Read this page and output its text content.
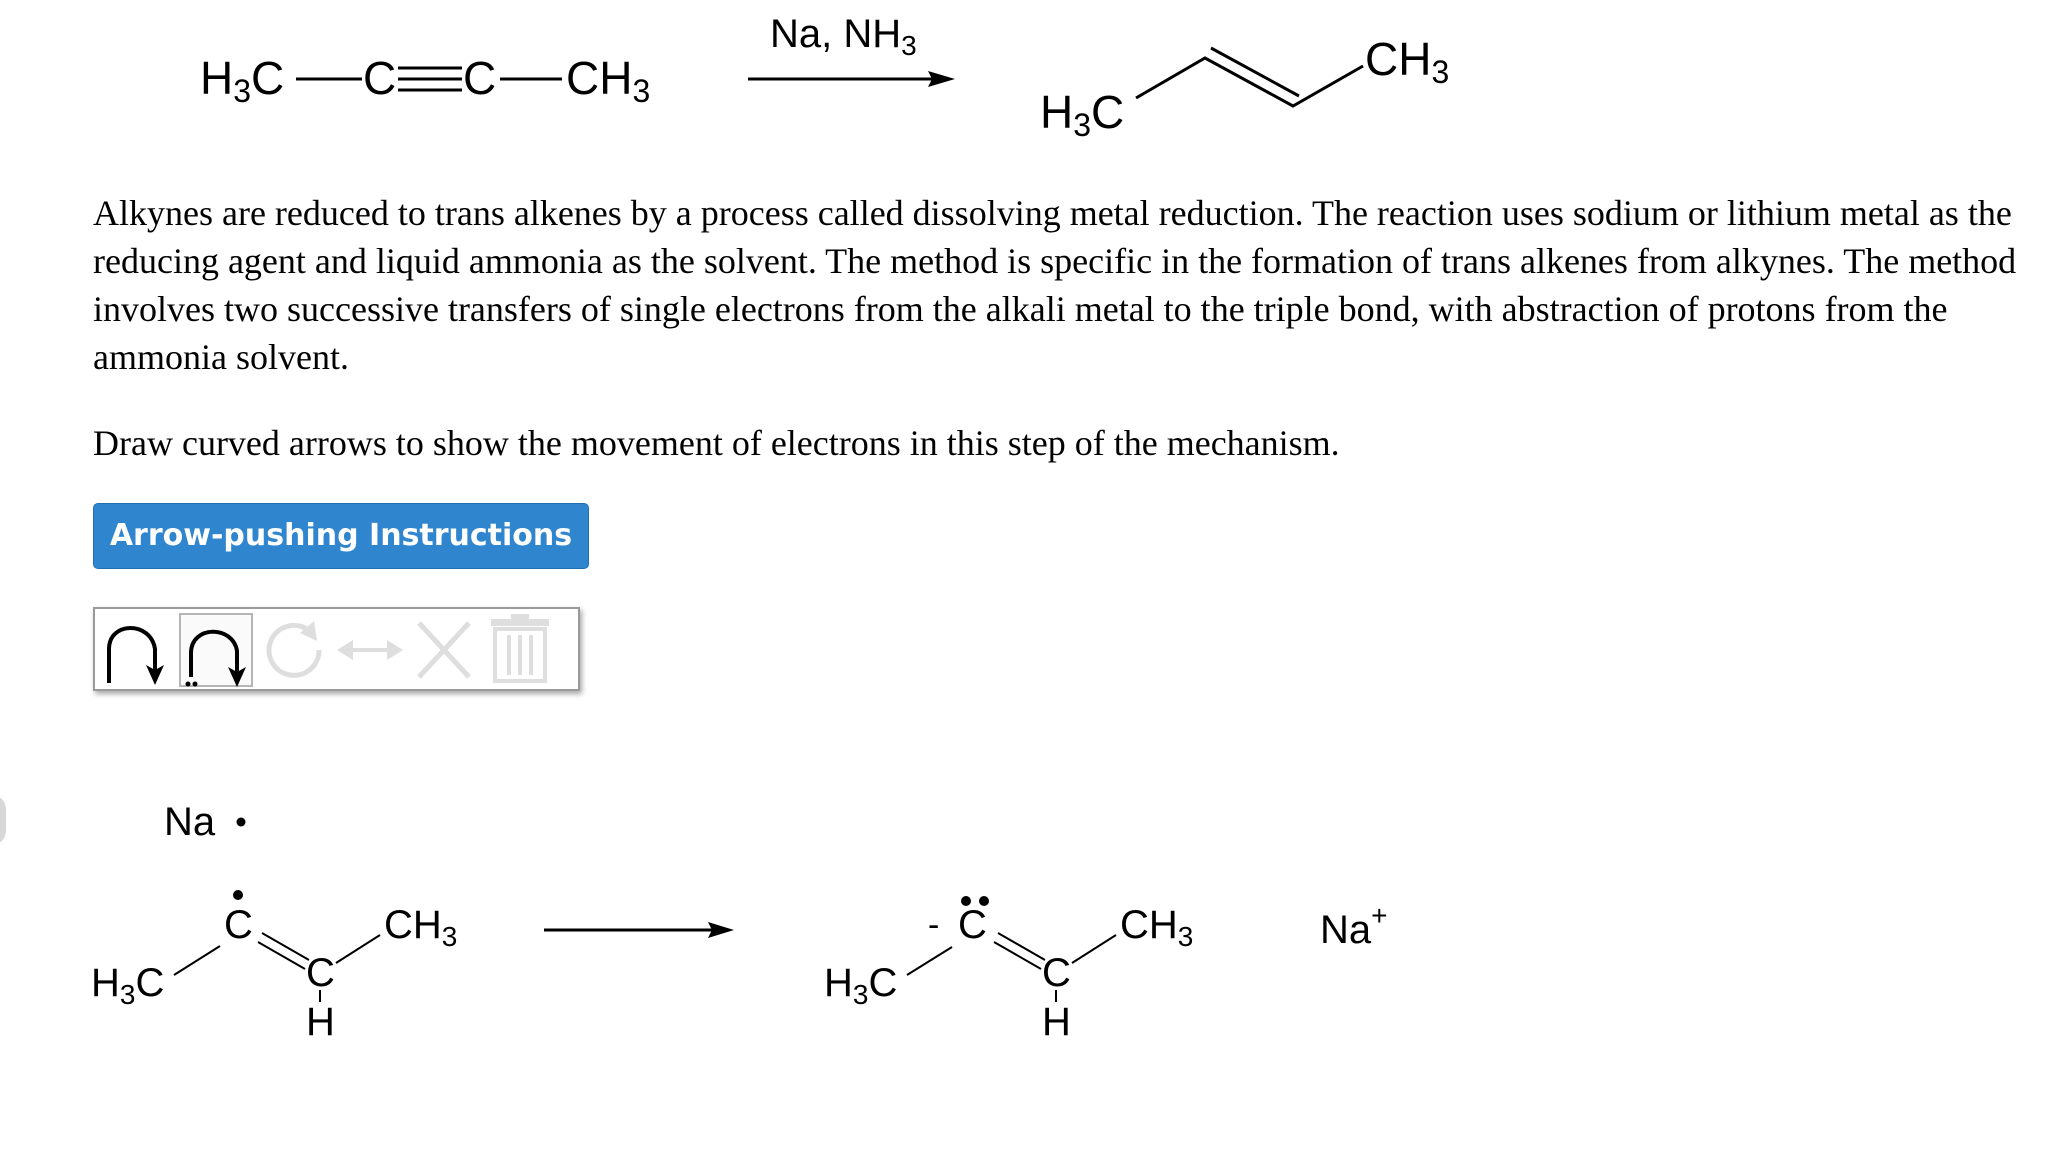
H3C C C CH3
Na, $NH_3$	CH3
H3C
Alkynes are reduced to trans alkenes by a process called dissolving metal reduction. The reaction uses sodium or lithium metal as the reducing agent and liquid ammonia as the solvent. The method is specific in the formation of trans alkenes from alkynes. The method involves two successive transfers of single electrons from the alkali metal to the triple bond, with abstraction of protons from the ammonia solvent.
Draw curved arrows to show the movement of electrons in this step of the mechanism.
Arrow-pushing Instructions
Na
C
$H_3C$	C
H
$CH_3$	- C
$H_3C$	C
H
$CH_3$	Na+
